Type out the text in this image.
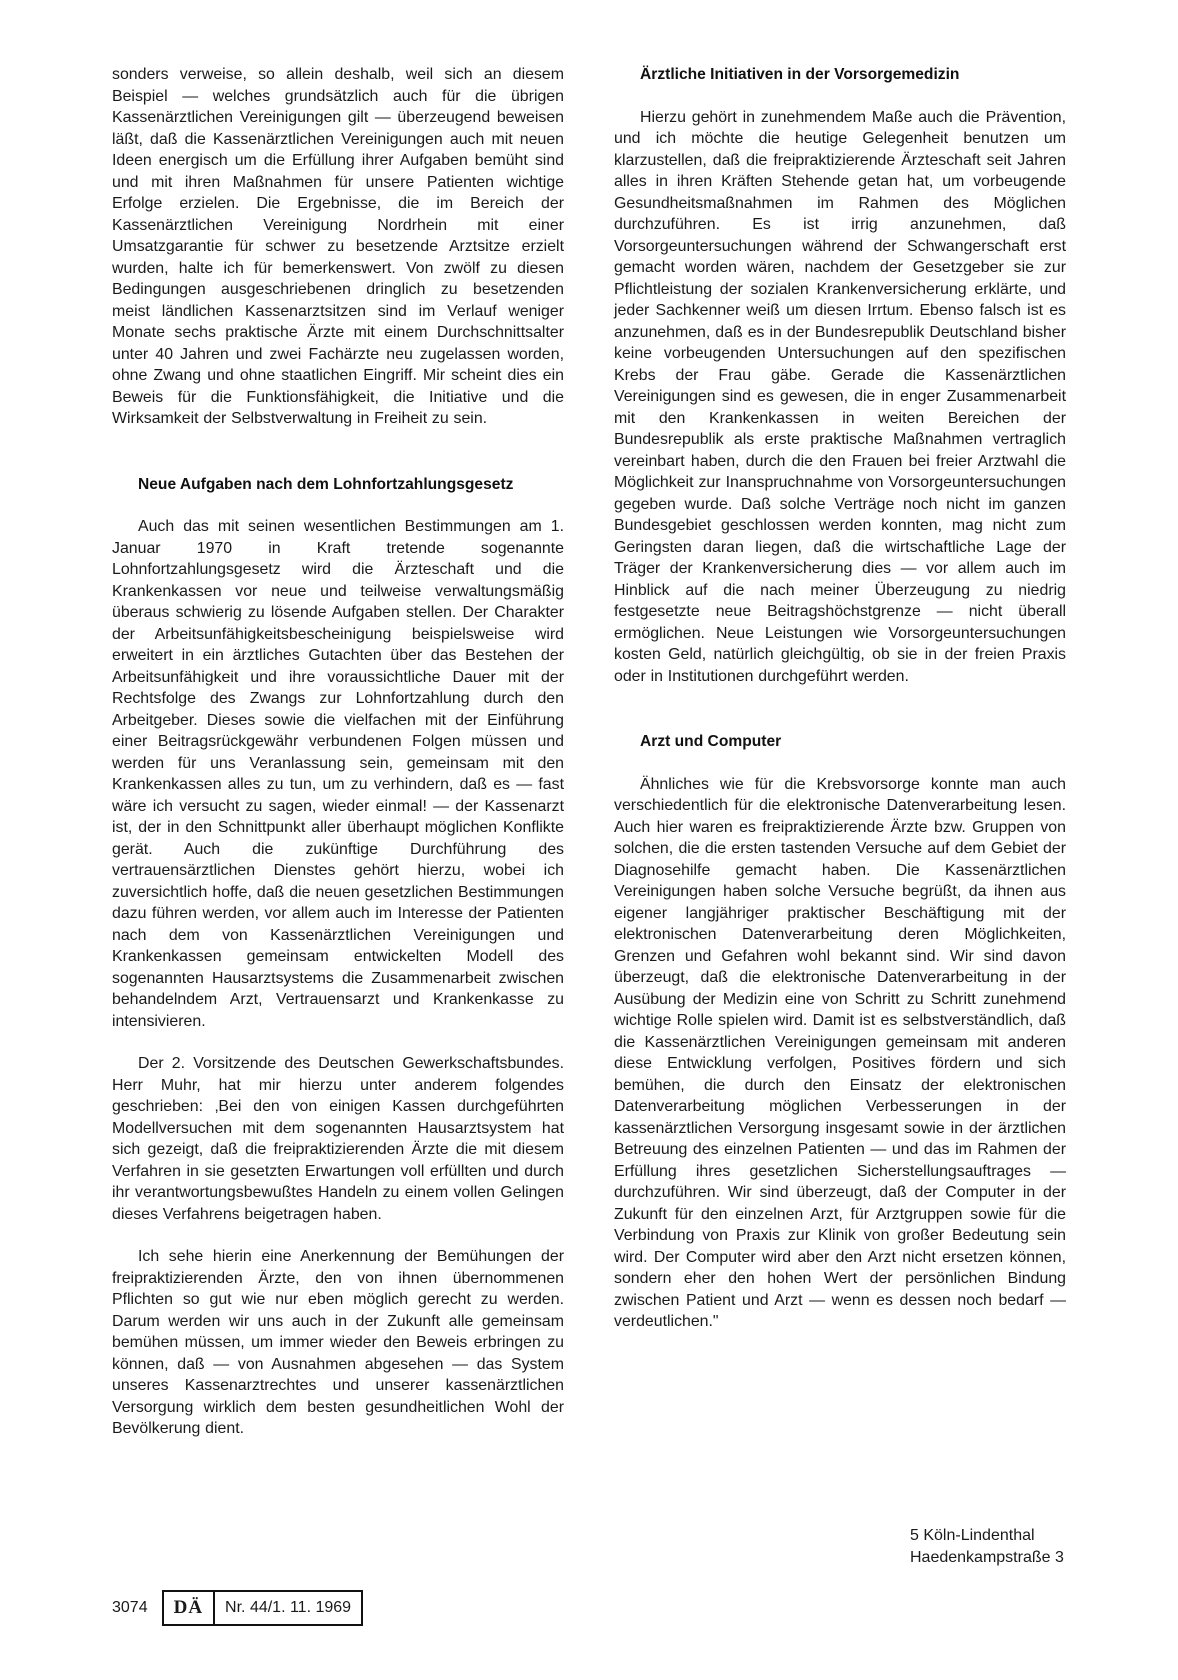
sonders verweise, so allein deshalb, weil sich an diesem Beispiel — welches grundsätzlich auch für die übrigen Kassenärztlichen Vereinigungen gilt — überzeugend beweisen läßt, daß die Kassenärztlichen Vereinigungen auch mit neuen Ideen energisch um die Erfüllung ihrer Aufgaben bemüht sind und mit ihren Maßnahmen für unsere Patienten wichtige Erfolge erzielen. Die Ergebnisse, die im Bereich der Kassenärztlichen Vereinigung Nordrhein mit einer Umsatzgarantie für schwer zu besetzende Arztsitze erzielt wurden, halte ich für bemerkenswert. Von zwölf zu diesen Bedingungen ausgeschriebenen dringlich zu besetzenden meist ländlichen Kassenarztsitzen sind im Verlauf weniger Monate sechs praktische Ärzte mit einem Durchschnittsalter unter 40 Jahren und zwei Fachärzte neu zugelassen worden, ohne Zwang und ohne staatlichen Eingriff. Mir scheint dies ein Beweis für die Funktionsfähigkeit, die Initiative und die Wirksamkeit der Selbstverwaltung in Freiheit zu sein.

Neue Aufgaben nach dem Lohnfortzahlungsgesetz

Auch das mit seinen wesentlichen Bestimmungen am 1. Januar 1970 in Kraft tretende sogenannte Lohnfortzahlungsgesetz wird die Ärzteschaft und die Krankenkassen vor neue und teilweise verwaltungsmäßig überaus schwierig zu lösende Aufgaben stellen. Der Charakter der Arbeitsunfähigkeitsbescheinigung beispielsweise wird erweitert in ein ärztliches Gutachten über das Bestehen der Arbeitsunfähigkeit und ihre voraussichtliche Dauer mit der Rechtsfolge des Zwangs zur Lohnfortzahlung durch den Arbeitgeber. Dieses sowie die vielfachen mit der Einführung einer Beitragsrückgewähr verbundenen Folgen müssen und werden für uns Veranlassung sein, gemeinsam mit den Krankenkassen alles zu tun, um zu verhindern, daß es — fast wäre ich versucht zu sagen, wieder einmal! — der Kassenarzt ist, der in den Schnittpunkt aller überhaupt möglichen Konflikte gerät. Auch die zukünftige Durchführung des vertrauensärztlichen Dienstes gehört hierzu, wobei ich zuversichtlich hoffe, daß die neuen gesetzlichen Bestimmungen dazu führen werden, vor allem auch im Interesse der Patienten nach dem von Kassenärztlichen Vereinigungen und Krankenkassen gemeinsam entwickelten Modell des sogenannten Hausarztsystems die Zusammenarbeit zwischen behandelndem Arzt, Vertrauensarzt und Krankenkasse zu intensivieren.

Der 2. Vorsitzende des Deutschen Gewerkschaftsbundes. Herr Muhr, hat mir hierzu unter anderem folgendes geschrieben: ‚Bei den von einigen Kassen durchgeführten Modellversuchen mit dem sogenannten Hausarztsystem hat sich gezeigt, daß die freipraktizierenden Ärzte die mit diesem Verfahren in sie gesetzten Erwartungen voll erfüllten und durch ihr verantwortungsbewußtes Handeln zu einem vollen Gelingen dieses Verfahrens beigetragen haben.

Ich sehe hierin eine Anerkennung der Bemühungen der freipraktizierenden Ärzte, den von ihnen übernommenen Pflichten so gut wie nur eben möglich gerecht zu werden. Darum werden wir uns auch in der Zukunft alle gemeinsam bemühen müssen, um immer wieder den Beweis erbringen zu können, daß — von Ausnahmen abgesehen — das System unseres Kassenarztrechtes und unserer kassenärztlichen Versorgung wirklich dem besten gesundheitlichen Wohl der Bevölkerung dient.

Ärztliche Initiativen in der Vorsorgemedizin

Hierzu gehört in zunehmendem Maße auch die Prävention, und ich möchte die heutige Gelegenheit benutzen um klarzustellen, daß die freipraktizierende Ärzteschaft seit Jahren alles in ihren Kräften Stehende getan hat, um vorbeugende Gesundheitsmaßnahmen im Rahmen des Möglichen durchzuführen. Es ist irrig anzunehmen, daß Vorsorgeuntersuchungen während der Schwangerschaft erst gemacht worden wären, nachdem der Gesetzgeber sie zur Pflichtleistung der sozialen Krankenversicherung erklärte, und jeder Sachkenner weiß um diesen Irrtum. Ebenso falsch ist es anzunehmen, daß es in der Bundesrepublik Deutschland bisher keine vorbeugenden Untersuchungen auf den spezifischen Krebs der Frau gäbe. Gerade die Kassenärztlichen Vereinigungen sind es gewesen, die in enger Zusammenarbeit mit den Krankenkassen in weiten Bereichen der Bundesrepublik als erste praktische Maßnahmen vertraglich vereinbart haben, durch die den Frauen bei freier Arztwahl die Möglichkeit zur Inanspruchnahme von Vorsorgeuntersuchungen gegeben wurde. Daß solche Verträge noch nicht im ganzen Bundesgebiet geschlossen werden konnten, mag nicht zum Geringsten daran liegen, daß die wirtschaftliche Lage der Träger der Krankenversicherung dies — vor allem auch im Hinblick auf die nach meiner Überzeugung zu niedrig festgesetzte neue Beitragshöchstgrenze — nicht überall ermöglichen. Neue Leistungen wie Vorsorgeuntersuchungen kosten Geld, natürlich gleichgültig, ob sie in der freien Praxis oder in Institutionen durchgeführt werden.

Arzt und Computer

Ähnliches wie für die Krebsvorsorge konnte man auch verschiedentlich für die elektronische Datenverarbeitung lesen. Auch hier waren es freipraktizierende Ärzte bzw. Gruppen von solchen, die die ersten tastenden Versuche auf dem Gebiet der Diagnosehilfe gemacht haben. Die Kassenärztlichen Vereinigungen haben solche Versuche begrüßt, da ihnen aus eigener langjähriger praktischer Beschäftigung mit der elektronischen Datenverarbeitung deren Möglichkeiten, Grenzen und Gefahren wohl bekannt sind. Wir sind davon überzeugt, daß die elektronische Datenverarbeitung in der Ausübung der Medizin eine von Schritt zu Schritt zunehmend wichtige Rolle spielen wird. Damit ist es selbstverständlich, daß die Kassenärztlichen Vereinigungen gemeinsam mit anderen diese Entwicklung verfolgen, Positives fördern und sich bemühen, die durch den Einsatz der elektronischen Datenverarbeitung möglichen Verbesserungen in der kassenärztlichen Versorgung insgesamt sowie in der ärztlichen Betreuung des einzelnen Patienten — und das im Rahmen der Erfüllung ihres gesetzlichen Sicherstellungsauftrages — durchzuführen. Wir sind überzeugt, daß der Computer in der Zukunft für den einzelnen Arzt, für Arztgruppen sowie für die Verbindung von Praxis zur Klinik von großer Bedeutung sein wird. Der Computer wird aber den Arzt nicht ersetzen können, sondern eher den hohen Wert der persönlichen Bindung zwischen Patient und Arzt — wenn es dessen noch bedarf — verdeutlichen."

5 Köln-Lindenthal
Haedenkampstraße 3
3074	DÄ	Nr. 44/1. 11. 1969
